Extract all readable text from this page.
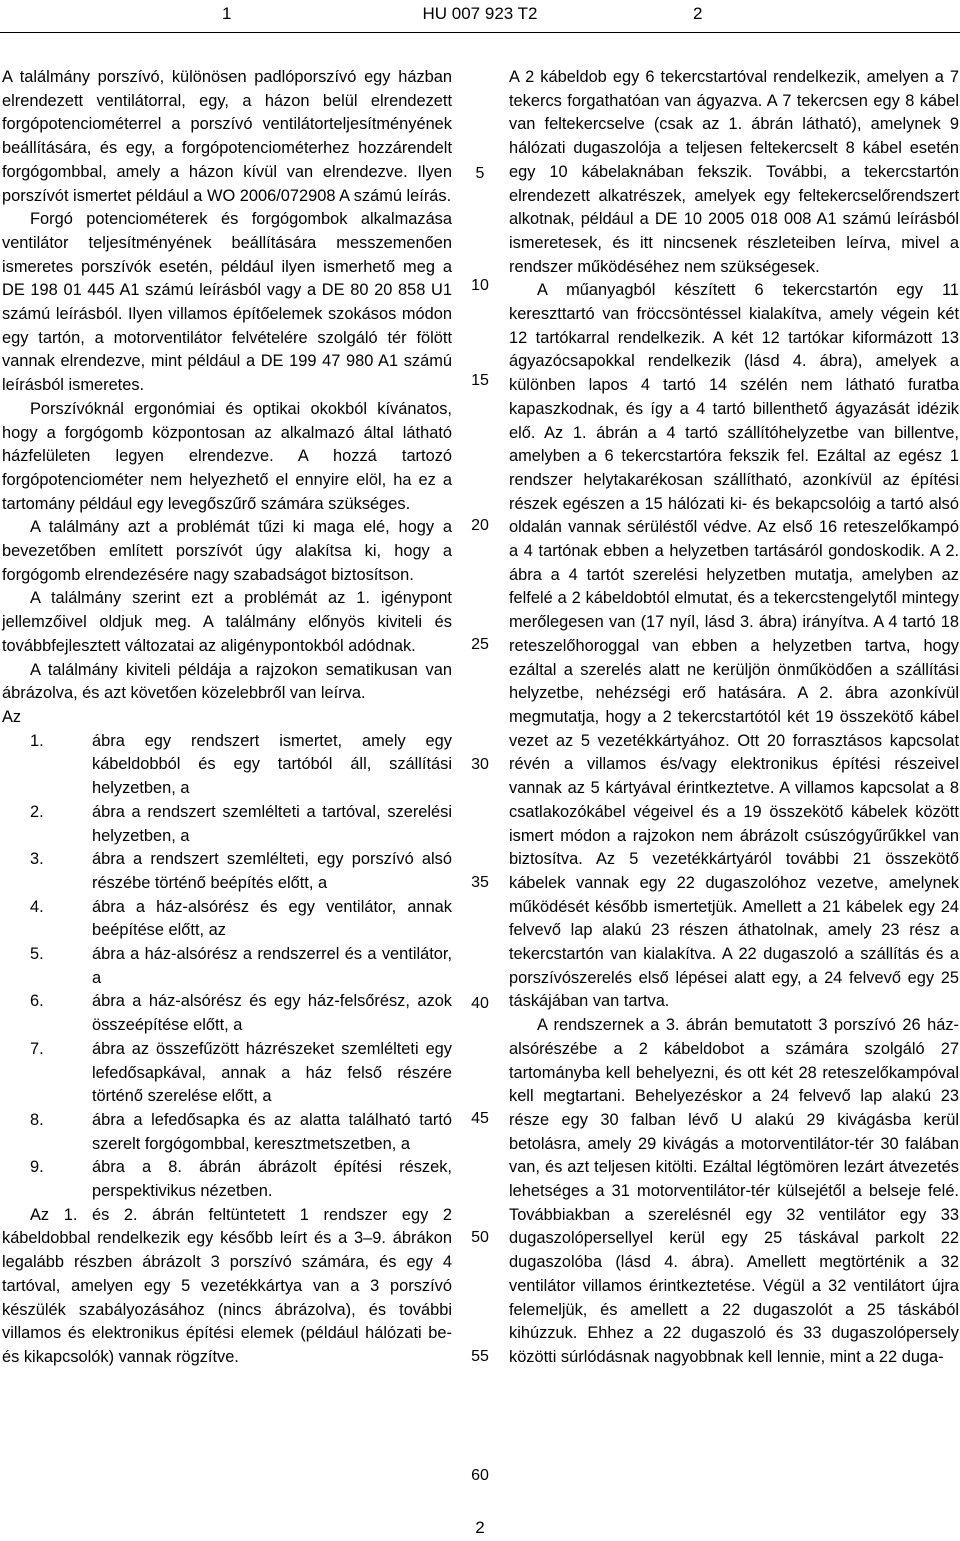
1	HU 007 923 T2	2

A találmány porszívó, különösen padlóporszívó egy házban elrendezett ventilátorral, egy, a házon belül elrendezett forgópotenciométerrel a porszívó ventilátorteljesítményének beállítására, és egy, a forgópotenciométerhez hozzárendelt forgógombbal, amely a házon kívül van elrendezve. Ilyen porszívót ismertet például a WO 2006/072908 A számú leírás.

Forgó potenciométerek és forgógombok alkalmazása ventilátor teljesítményének beállítására messzemenően ismeretes porszívók esetén, például ilyen ismerhető meg a DE 198 01 445 A1 számú leírásból vagy a DE 80 20 858 U1 számú leírásból. Ilyen villamos építőelemek szokásos módon egy tartón, a motorventilátor felvételére szolgáló tér fölött vannak elrendezve, mint például a DE 199 47 980 A1 számú leírásból ismeretes.

Porszívóknál ergonómiai és optikai okokból kívánatos, hogy a forgógomb központosan az alkalmazó által látható házfelületen legyen elrendezve. A hozzá tartozó forgópotenciométer nem helyezhető el ennyire elöl, ha ez a tartomány például egy levegőszűrő számára szükséges.

A találmány azt a problémát tűzi ki maga elé, hogy a bevezetőben említett porszívót úgy alakítsa ki, hogy a forgógomb elrendezésére nagy szabadságot biztosítson.

A találmány szerint ezt a problémát az 1. igénypont jellemzőivel oldjuk meg. A találmány előnyös kiviteli és továbbfejlesztett változatai az aligénypontokból adódnak.

A találmány kiviteli példája a rajzokon sematikusan van ábrázolva, és azt követően közelebbről van leírva.

Az

1.	ábra egy rendszert ismertet, amely egy kábeldobból és egy tartóból áll, szállítási helyzetben, a
2.	ábra a rendszert szemlélteti a tartóval, szerelési helyzetben, a
3.	ábra a rendszert szemlélteti, egy porszívó alsó részébe történő beépítés előtt, a
4.	ábra a ház-alsórész és egy ventilátor, annak beépítése előtt, az
5.	ábra a ház-alsórész a rendszerrel és a ventilátor, a
6.	ábra a ház-alsórész és egy ház-felsőrész, azok összeépítése előtt, a
7.	ábra az összefűzött házrészeket szemlélteti egy lefedősapkával, annak a ház felső részére történő szerelése előtt, a
8.	ábra a lefedősapka és az alatta található tartó szerelt forgógombbal, keresztmetszetben, a
9.	ábra a 8. ábrán ábrázolt építési részek, perspektivikus nézetben.

Az 1. és 2. ábrán feltüntetett 1 rendszer egy 2 kábeldobbal rendelkezik egy később leírt és a 3–9. ábrákon legalább részben ábrázolt 3 porszívó számára, és egy 4 tartóval, amelyen egy 5 vezetékkártya van a 3 porszívó készülék szabályozásához (nincs ábrázolva), és további villamos és elektronikus építési elemek (például hálózati be- és kikapcsolók) vannak rögzítve.

5
10
15
20
25
30
35
40
45
50
55
60

A 2 kábeldob egy 6 tekercstartóval rendelkezik, amelyen a 7 tekercs forgathatóan van ágyazva. A 7 tekercsen egy 8 kábel van feltekercselve (csak az 1. ábrán látható), amelynek 9 hálózati dugaszolója a teljesen feltekercselt 8 kábel esetén egy 10 kábelaknában fekszik. További, a tekercstartón elrendezett alkatrészek, amelyek egy feltekercselőrendszert alkotnak, például a DE 10 2005 018 008 A1 számú leírásból ismeretesek, és itt nincsenek részleteiben leírva, mivel a rendszer működéséhez nem szükségesek.

A műanyagból készített 6 tekercstartón egy 11 kereszttartó van fröccsöntéssel kialakítva, amely végein két 12 tartókarral rendelkezik. A két 12 tartókar kiformázott 13 ágyazócsapokkal rendelkezik (lásd 4. ábra), amelyek a különben lapos 4 tartó 14 szélén nem látható furatba kapaszkodnak, és így a 4 tartó billenthető ágyazását idézik elő. Az 1. ábrán a 4 tartó szállítóhelyzetbe van billentve, amelyben a 6 tekercstartóra fekszik fel. Ezáltal az egész 1 rendszer helytakarékosan szállítható, azonkívül az építési részek egészen a 15 hálózati ki- és bekapcsolóig a tartó alsó oldalán vannak sérüléstől védve. Az első 16 reteszelőkampó a 4 tartónak ebben a helyzetben tartásáról gondoskodik. A 2. ábra a 4 tartót szerelési helyzetben mutatja, amelyben az felfelé a 2 kábeldobtól elmutat, és a tekercstengelytől mintegy merőlegesen van (17 nyíl, lásd 3. ábra) irányítva. A 4 tartó 18 reteszelőhoroggal van ebben a helyzetben tartva, hogy ezáltal a szerelés alatt ne kerüljön önműködően a szállítási helyzetbe, nehézségi erő hatására. A 2. ábra azonkívül megmutatja, hogy a 2 tekercstartótól két 19 összekötő kábel vezet az 5 vezetékkártyához. Ott 20 forrasztásos kapcsolat révén a villamos és/vagy elektronikus építési részeivel vannak az 5 kártyával érintkeztetve. A villamos kapcsolat a 8 csatlakozókábel végeivel és a 19 összekötő kábelek között ismert módon a rajzokon nem ábrázolt csúszógyűrűkkel van biztosítva. Az 5 vezetékkártyáról további 21 összekötő kábelek vannak egy 22 dugaszolóhoz vezetve, amelynek működését később ismertetjük. Amellett a 21 kábelek egy 24 felvevő lap alakú 23 részen áthatolnak, amely 23 rész a tekercstartón van kialakítva. A 22 dugaszoló a szállítás és a porszívószerelés első lépései alatt egy, a 24 felvevő egy 25 táskájában van tartva.

A rendszernek a 3. ábrán bemutatott 3 porszívó 26 ház-alsórészébe a 2 kábeldobot a számára szolgáló 27 tartományba kell behelyezni, és ott két 28 reteszelőkampóval kell megtartani. Behelyezéskor a 24 felvevő lap alakú 23 része egy 30 falban lévő U alakú 29 kivágásba kerül betolásra, amely 29 kivágás a motorventilátor-tér 30 falában van, és azt teljesen kitölti. Ezáltal légtömören lezárt átvezetés lehetséges a 31 motorventilátor-tér külsejétől a belseje felé. Továbbiakban a szerelésnél egy 32 ventilátor egy 33 dugaszolópersellyel kerül egy 25 táskával parkolt 22 dugaszolóba (lásd 4. ábra). Amellett megtörténik a 32 ventilátor villamos érintkeztetése. Végül a 32 ventilátort újra felemeljük, és amellett a 22 dugaszolót a 25 táskából kihúzzuk. Ehhez a 22 dugaszoló és 33 dugaszolópersely közötti súrlódásnak nagyobbnak kell lennie, mint a 22 duga-

2
